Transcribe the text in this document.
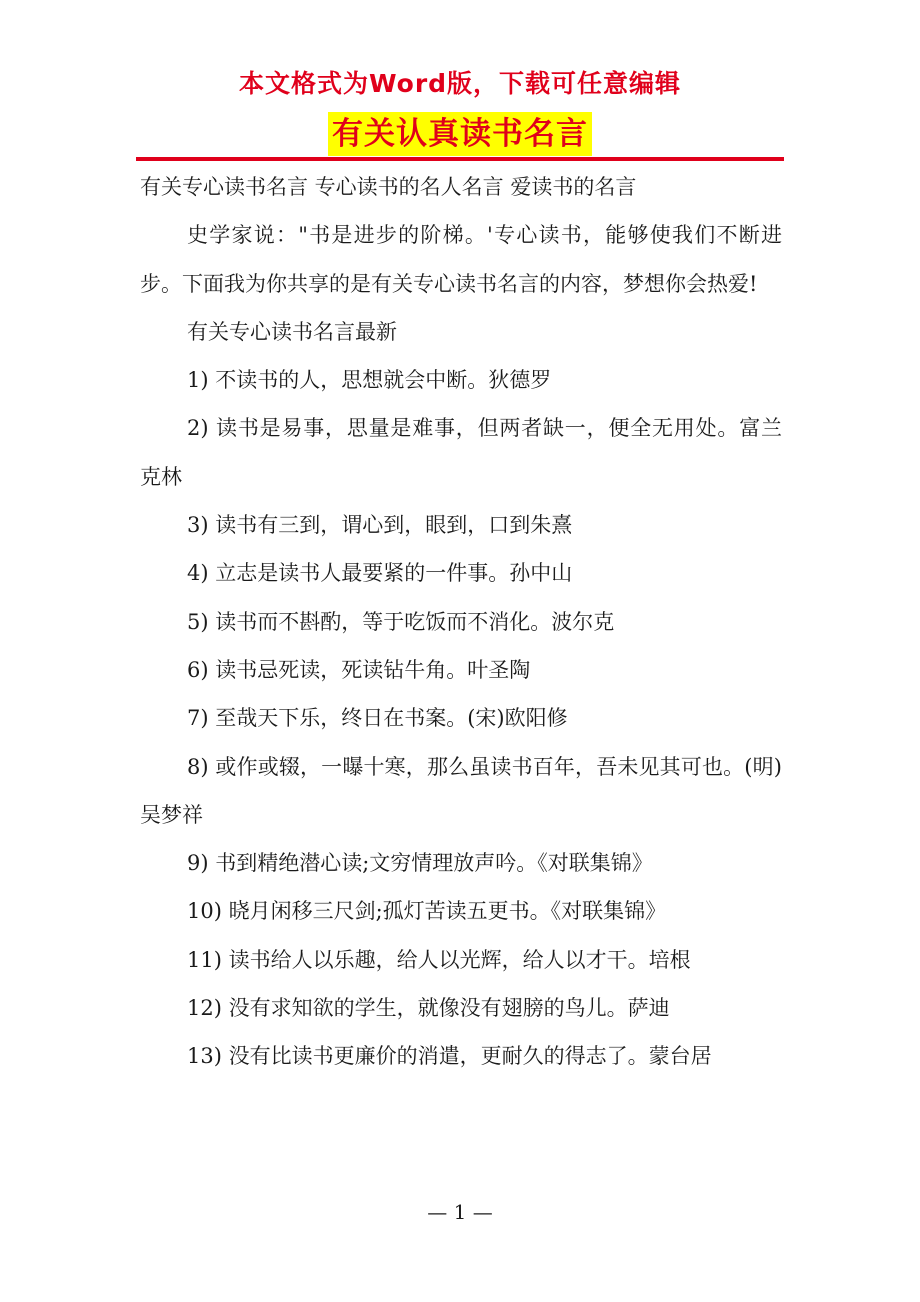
本文格式为Word版，下载可任意编辑
有关认真读书名言

有关专心读书名言 专心读书的名人名言 爱读书的名言

史学家说："书是进步的阶梯。'专心读书，能够使我们不断进步。下面我为你共享的是有关专心读书名言的内容，梦想你会热爱!

有关专心读书名言最新

1) 不读书的人，思想就会中断。狄德罗

2) 读书是易事，思量是难事，但两者缺一，便全无用处。富兰克林

3) 读书有三到，谓心到，眼到，口到朱熹

4) 立志是读书人最要紧的一件事。孙中山

5) 读书而不斟酌，等于吃饭而不消化。波尔克

6) 读书忌死读，死读钻牛角。叶圣陶

7) 至哉天下乐，终日在书案。(宋)欧阳修

8) 或作或辍，一曝十寒，那么虽读书百年，吾未见其可也。(明)吴梦祥

9) 书到精绝潜心读;文穷情理放声吟。《对联集锦》

10) 晓月闲移三尺剑;孤灯苦读五更书。《对联集锦》

11) 读书给人以乐趣，给人以光辉，给人以才干。培根

12) 没有求知欲的学生，就像没有翅膀的鸟儿。萨迪

13) 没有比读书更廉价的消遣，更耐久的得志了。蒙台居

— 1 —
